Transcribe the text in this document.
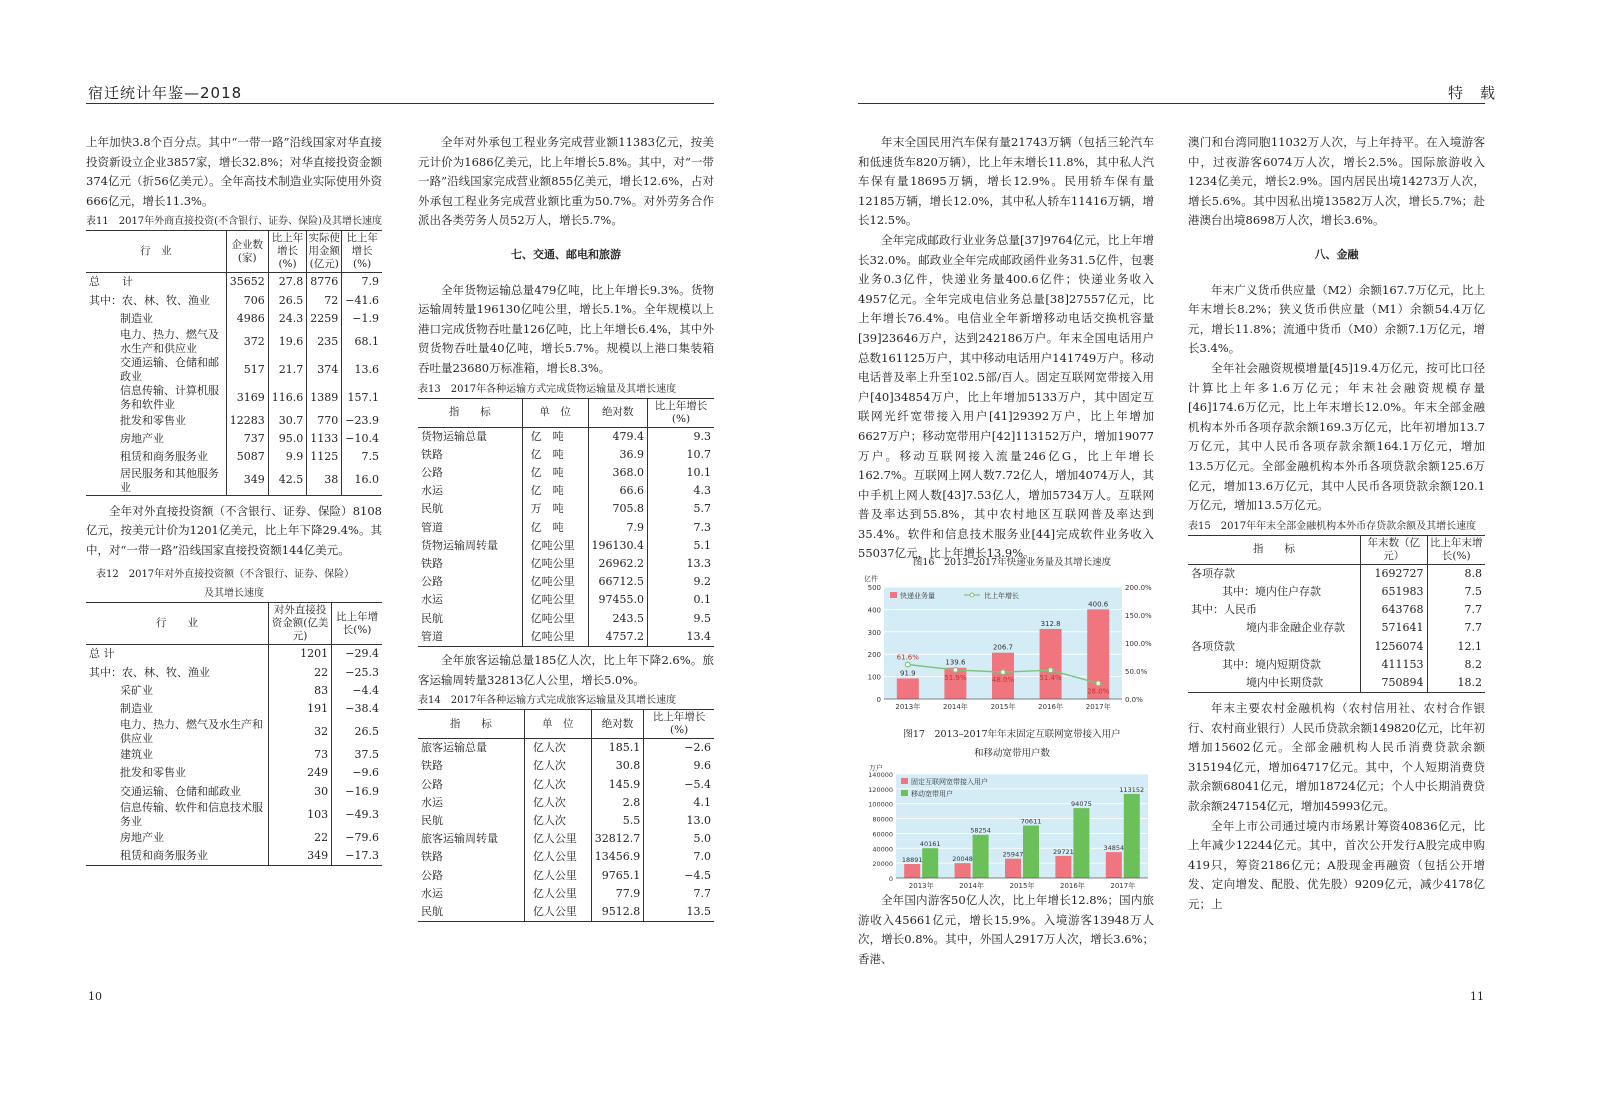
宿迁统计年鉴—2018

上年加快3.8个百分点。其中“一带一路”沿线国家对华直接投资新设立企业3857家，增长32.8%；对华直接投资金额374亿元（折56亿美元）。全年高技术制造业实际使用外资666亿元，增长11.3%。

表11　2017年外商直接投资(不含银行、证券、保险)及其增长速度
行　业	企业数(家)	比上年增长(%)	实际使用金额(亿元)	比上年增长(%)
总　　计	35652	27.8	8776	7.9
其中：农、林、牧、渔业	706	26.5	72	−41.6
制造业	4986	24.3	2259	−1.9
电力、热力、燃气及水生产和供应业	372	19.6	235	68.1
交通运输、仓储和邮政业	517	21.7	374	13.6
信息传输、计算机服务和软件业	3169	116.6	1389	157.1
批发和零售业	12283	30.7	770	−23.9
房地产业	737	95.0	1133	−10.4
租赁和商务服务业	5087	9.9	1125	7.5
居民服务和其他服务业	349	42.5	38	16.0

全年对外直接投资额（不含银行、证券、保险）8108亿元，按美元计价为1201亿美元，比上年下降29.4%。其中，对“一带一路”沿线国家直接投资额144亿美元。

表12　2017年对外直接投资额（不含银行、证券、保险）
及其增长速度
行　　业	对外直接投资金额(亿美元)	比上年增长(%)
总 计	1201	−29.4
其中：农、林、牧、渔业	22	−25.3
采矿业	83	−4.4
制造业	191	−38.4
电力、热力、燃气及水生产和供应业	32	26.5
建筑业	73	37.5
批发和零售业	249	−9.6
交通运输、仓储和邮政业	30	−16.9
信息传输、软件和信息技术服务业	103	−49.3
房地产业	22	−79.6
租赁和商务服务业	349	−17.3

全年对外承包工程业务完成营业额11383亿元，按美元计价为1686亿美元，比上年增长5.8%。其中，对“一带一路”沿线国家完成营业额855亿美元，增长12.6%，占对外承包工程业务完成营业额比重为50.7%。对外劳务合作派出各类劳务人员52万人，增长5.7%。

七、交通、邮电和旅游

全年货物运输总量479亿吨，比上年增长9.3%。货物运输周转量196130亿吨公里，增长5.1%。全年规模以上港口完成货物吞吐量126亿吨，比上年增长6.4%，其中外贸货物吞吐量40亿吨，增长5.7%。规模以上港口集装箱吞吐量23680万标准箱，增长8.3%。

表13　2017年各种运输方式完成货物运输量及其增长速度
指　　标	单　位	绝对数	比上年增长(%)
货物运输总量	亿　吨	479.4	9.3
铁路	亿　吨	36.9	10.7
公路	亿　吨	368.0	10.1
水运	亿　吨	66.6	4.3
民航	万　吨	705.8	5.7
管道	亿　吨	7.9	7.3
货物运输周转量	亿吨公里	196130.4	5.1
铁路	亿吨公里	26962.2	13.3
公路	亿吨公里	66712.5	9.2
水运	亿吨公里	97455.0	0.1
民航	亿吨公里	243.5	9.5
管道	亿吨公里	4757.2	13.4

全年旅客运输总量185亿人次，比上年下降2.6%。旅客运输周转量32813亿人公里，增长5.0%。

表14　2017年各种运输方式完成旅客运输量及其增长速度
指　　标	单　位	绝对数	比上年增长(%)
旅客运输总量	亿人次	185.1	−2.6
铁路	亿人次	30.8	9.6
公路	亿人次	145.9	−5.4
水运	亿人次	2.8	4.1
民航	亿人次	5.5	13.0
旅客运输周转量	亿人公里	32812.7	5.0
铁路	亿人公里	13456.9	7.0
公路	亿人公里	9765.1	−4.5
水运	亿人公里	77.9	7.7
民航	亿人公里	9512.8	13.5
10
特　载

年末全国民用汽车保有量21743万辆（包括三轮汽车和低速货车820万辆），比上年末增长11.8%，其中私人汽车保有量18695万辆，增长12.9%。民用轿车保有量12185万辆，增长12.0%，其中私人轿车11416万辆，增长12.5%。

全年完成邮政行业业务总量[37]9764亿元，比上年增长32.0%。邮政业全年完成邮政函件业务31.5亿件，包裹业务0.3亿件，快递业务量400.6亿件；快递业务收入4957亿元。全年完成电信业务总量[38]27557亿元，比上年增长76.4%。电信业全年新增移动电话交换机容量[39]23646万户，达到242186万户。年末全国电话用户总数161125万户，其中移动电话用户141749万户。移动电话普及率上升至102.5部/百人。固定互联网宽带接入用户[40]34854万户，比上年增加5133万户，其中固定互联网光纤宽带接入用户[41]29392万户，比上年增加6627万户；移动宽带用户[42]113152万户，增加19077万户。移动互联网接入流量246亿G，比上年增长162.7%。互联网上网人数7.72亿人，增加4074万人，其中手机上网人数[43]7.53亿人，增加5734万人。互联网普及率达到55.8%，其中农村地区互联网普及率达到35.4%。软件和信息技术服务业[44]完成软件业务收入55037亿元，比上年增长13.9%。

图16　2013–2017年快递业务量及其增长速度
500
400
300
200
100
0
200.0%
150.0%
100.0%
50.0%
0.0%
亿件
91.9
2013年
139.6
2014年
206.7
2015年
312.8
2016年
400.6
2017年
61.6%
51.9%	48.0%	51.4%
28.0%
快递业务量	比上年增长
图17　2013–2017年年末固定互联网宽带接入用户
和移动宽带用户数
140000
120000
100000
80000
60000
40000
20000
0
万户
18891
40161
2013年
20048
58254
2014年
25947
70611
2015年
29721
94075
2016年
34854
113152
2017年
固定互联网宽带接入用户
移动宽带用户

全年国内游客50亿人次，比上年增长12.8%；国内旅游收入45661亿元，增长15.9%。入境游客13948万人次，增长0.8%。其中，外国人2917万人次，增长3.6%；香港、

澳门和台湾同胞11032万人次，与上年持平。在入境游客中，过夜游客6074万人次，增长2.5%。国际旅游收入1234亿美元，增长2.9%。国内居民出境14273万人次，增长5.6%。其中因私出境13582万人次，增长5.7%；赴港澳台出境8698万人次，增长3.6%。

八、金融

年末广义货币供应量（M2）余额167.7万亿元，比上年末增长8.2%；狭义货币供应量（M1）余额54.4万亿元，增长11.8%；流通中货币（M0）余额7.1万亿元，增长3.4%。

全年社会融资规模增量[45]19.4万亿元，按可比口径计算比上年多1.6万亿元；年末社会融资规模存量[46]174.6万亿元，比上年末增长12.0%。年末全部金融机构本外币各项存款余额169.3万亿元，比年初增加13.7万亿元，其中人民币各项存款余额164.1万亿元，增加13.5万亿元。全部金融机构本外币各项贷款余额125.6万亿元，增加13.6万亿元，其中人民币各项贷款余额120.1万亿元，增加13.5万亿元。

表15　2017年年末全部金融机构本外币存贷款余额及其增长速度
指　　标	年末数（亿元）	比上年末增长(%)
各项存款	1692727	8.8
其中：境内住户存款	651983	7.5
其中：人民币	643768	7.7
境内非金融企业存款	571641	7.7
各项贷款	1256074	12.1
其中：境内短期贷款	411153	8.2
境内中长期贷款	750894	18.2

年末主要农村金融机构（农村信用社、农村合作银行、农村商业银行）人民币贷款余额149820亿元，比年初增加15602亿元。全部金融机构人民币消费贷款余额315194亿元，增加64717亿元。其中，个人短期消费贷款余额68041亿元，增加18724亿元；个人中长期消费贷款余额247154亿元，增加45993亿元。

全年上市公司通过境内市场累计筹资40836亿元，比上年减少12244亿元。其中，首次公开发行A股完成申购419只，筹资2186亿元；A股现金再融资（包括公开增发、定向增发、配股、优先股）9209亿元，减少4178亿元；上

11
